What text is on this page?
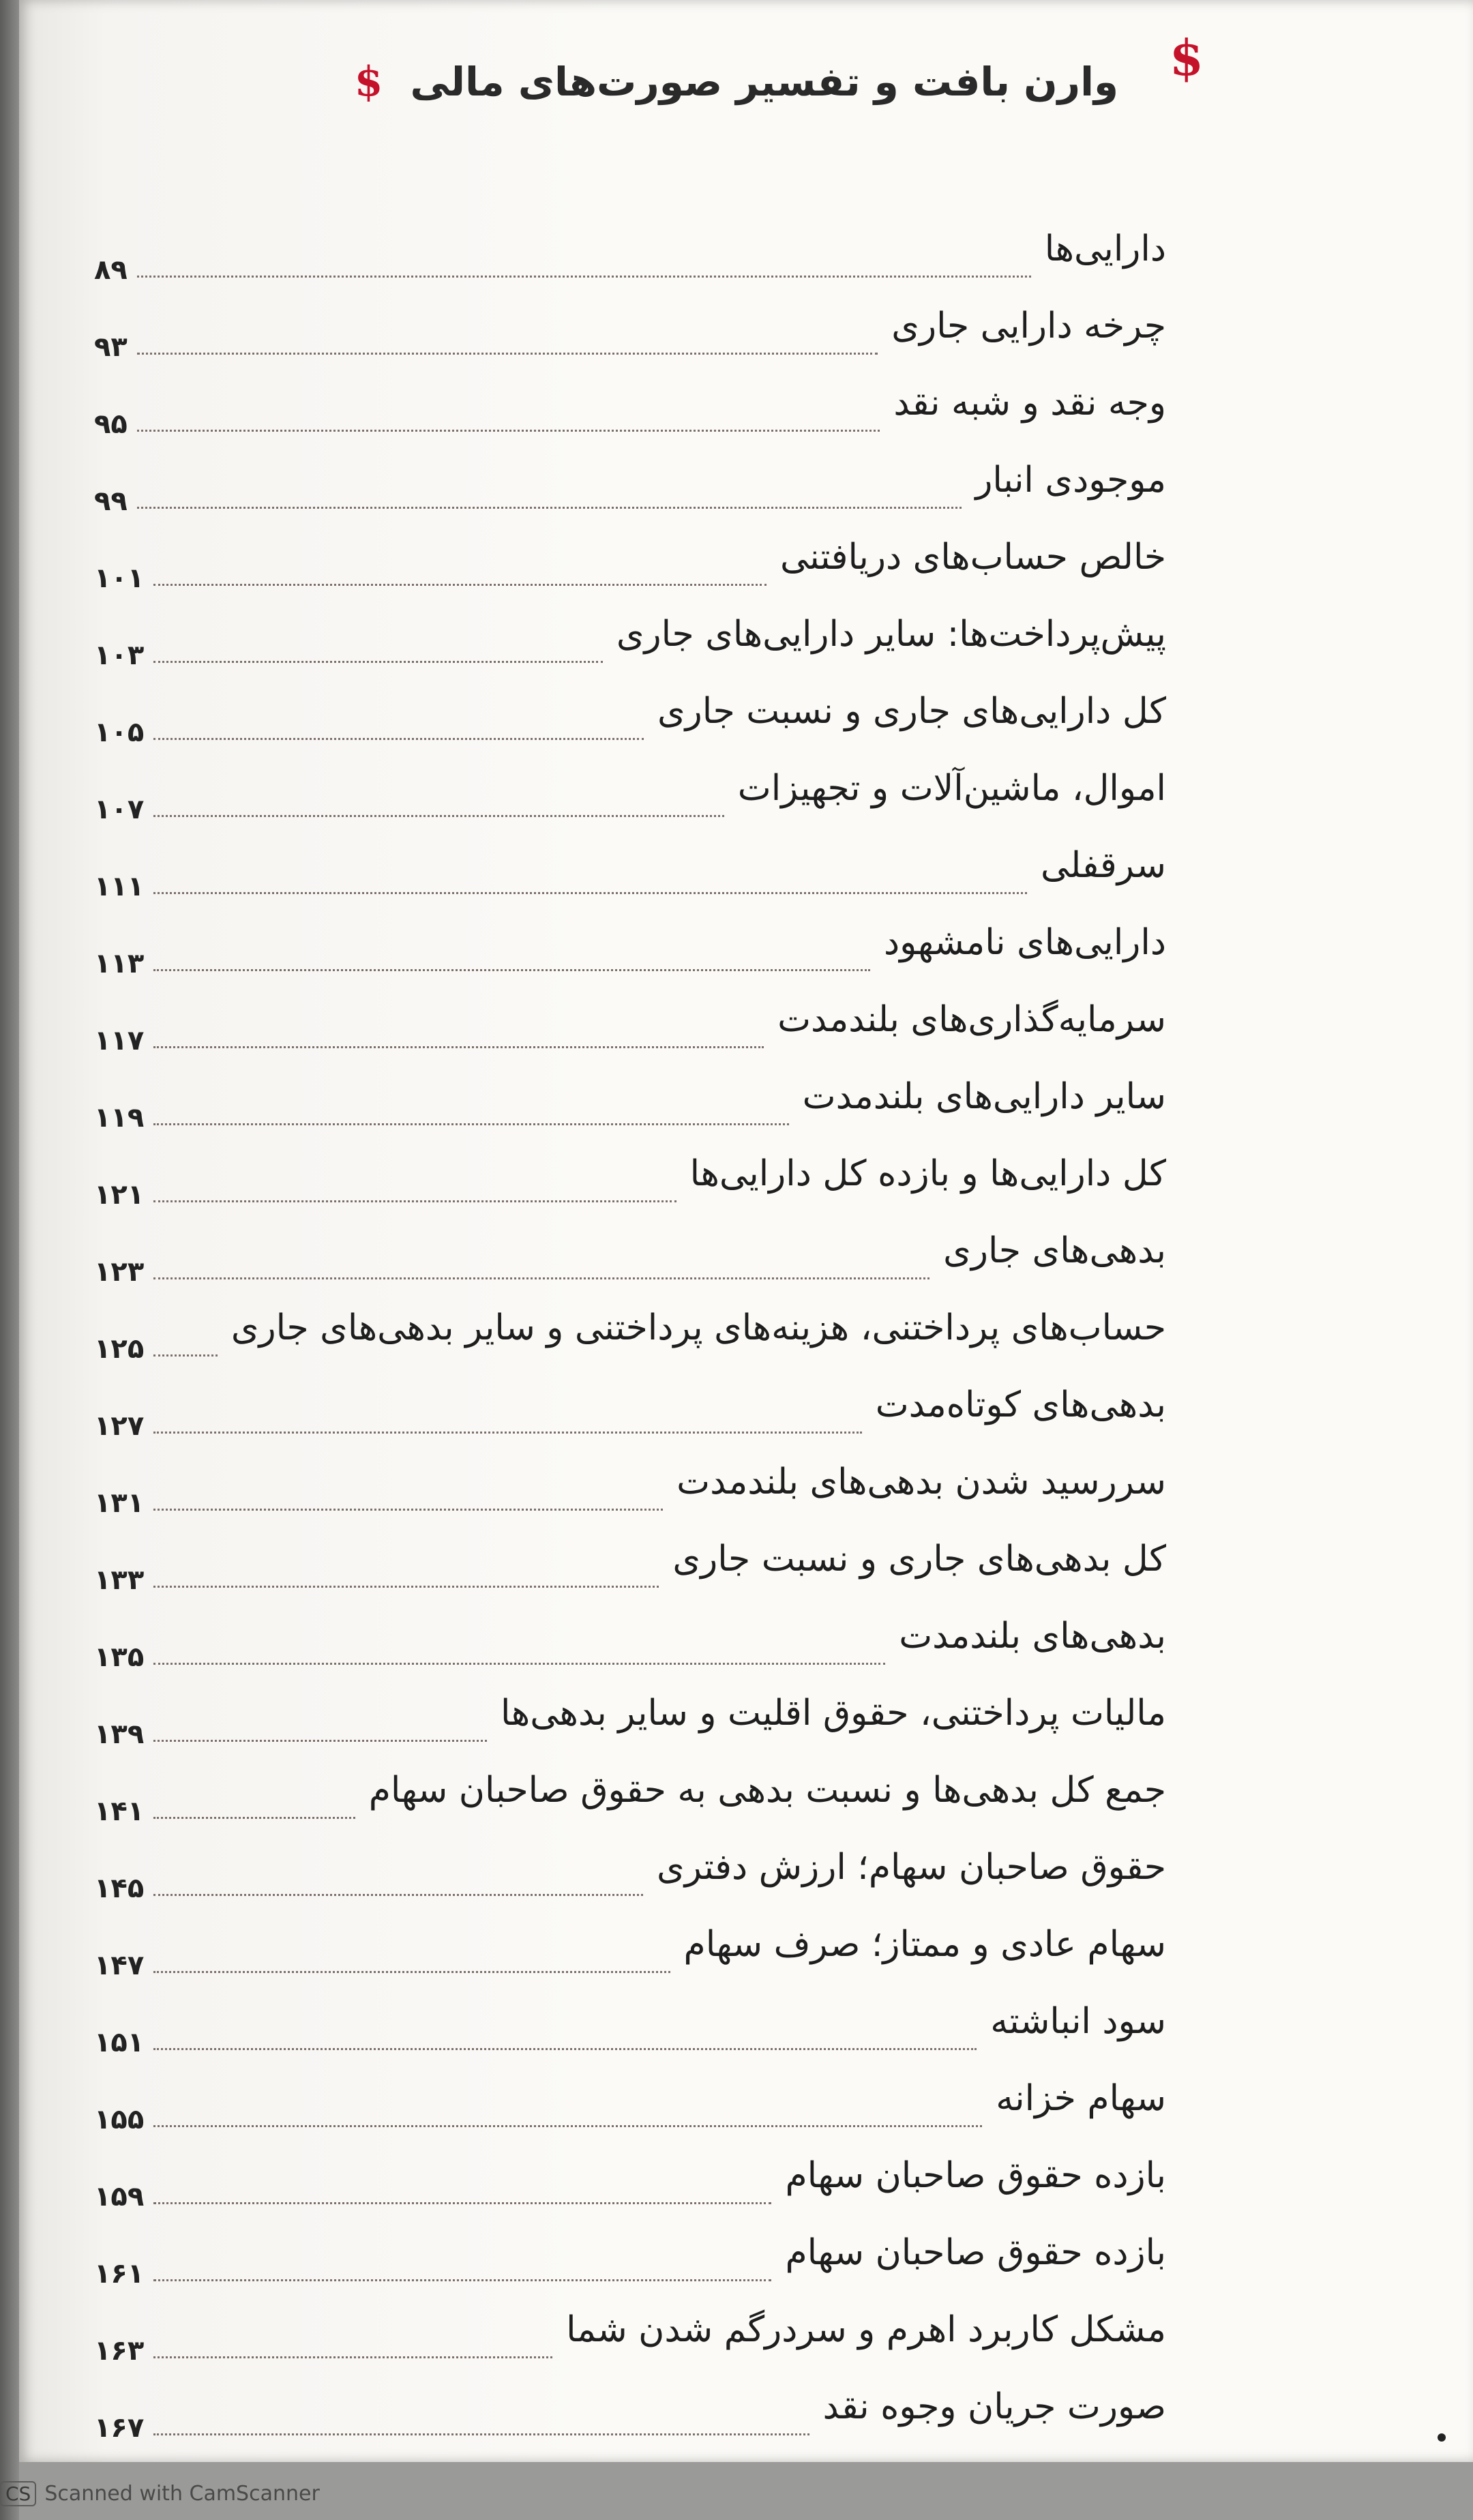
$
وارن بافت و تفسیر صورت‌های مالی
$
دارایی‌ها
۸۹
چرخه دارایی جاری
۹۳
وجه نقد و شبه نقد
۹۵
موجودی انبار
۹۹
خالص حساب‌های دریافتنی
۱۰۱
پیش‌پرداخت‌ها: سایر دارایی‌های جاری
۱۰۳
کل دارایی‌های جاری و نسبت جاری
۱۰۵
اموال، ماشین‌آلات و تجهیزات
۱۰۷
سرقفلی
۱۱۱
دارایی‌های نامشهود
۱۱۳
سرمایه‌گذاری‌های بلندمدت
۱۱۷
سایر دارایی‌های بلندمدت
۱۱۹
کل دارایی‌ها و بازده کل دارایی‌ها
۱۲۱
بدهی‌های جاری
۱۲۳
حساب‌های پرداختنی، هزینه‌های پرداختنی و سایر بدهی‌های جاری
۱۲۵
بدهی‌های کوتاه‌مدت
۱۲۷
سررسید شدن بدهی‌های بلندمدت
۱۳۱
کل بدهی‌های جاری و نسبت جاری
۱۳۳
بدهی‌های بلندمدت
۱۳۵
مالیات پرداختنی، حقوق اقلیت و سایر بدهی‌ها
۱۳۹
جمع کل بدهی‌ها و نسبت بدهی به حقوق صاحبان سهام
۱۴۱
حقوق صاحبان سهام؛ ارزش دفتری
۱۴۵
سهام عادی و ممتاز؛ صرف سهام
۱۴۷
سود انباشته
۱۵۱
سهام خزانه
۱۵۵
بازده حقوق صاحبان سهام
۱۵۹
بازده حقوق صاحبان سهام
۱۶۱
مشکل کاربرد اهرم و سردرگم شدن شما
۱۶۳
صورت جریان وجوه نقد
۱۶۷
CS Scanned with CamScanner
